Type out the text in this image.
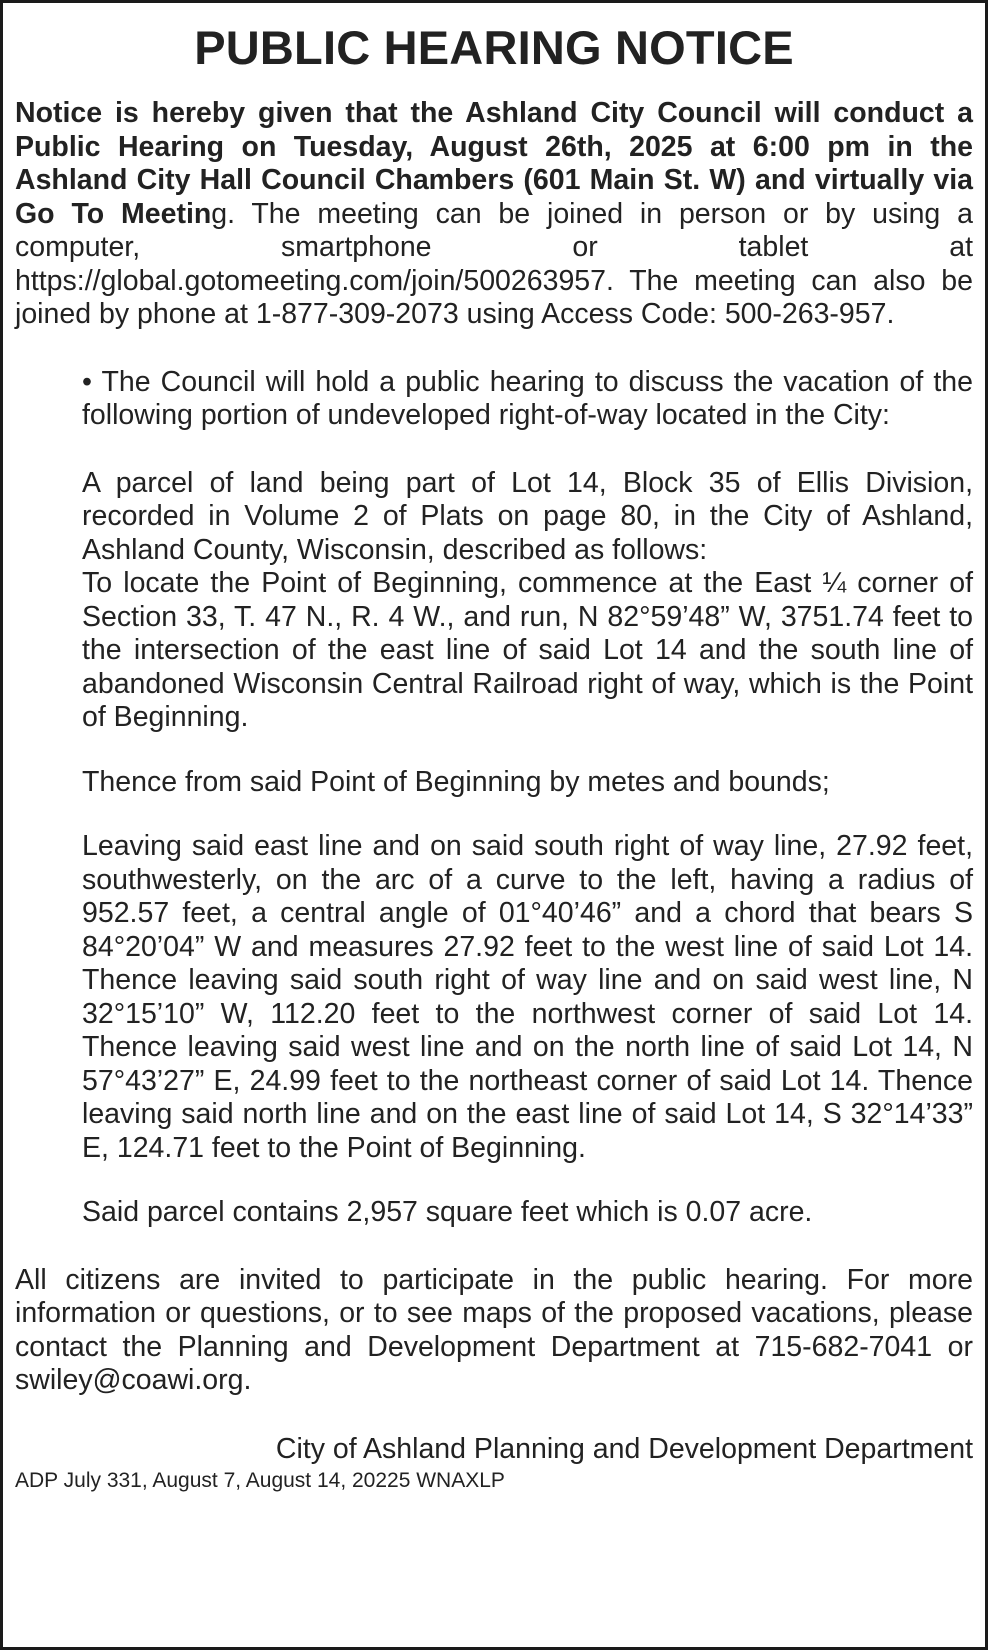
PUBLIC HEARING NOTICE

Notice is hereby given that the Ashland City Council will conduct a Public Hearing on Tuesday, August 26th, 2025 at 6:00 pm in the Ashland City Hall Council Chambers (601 Main St. W) and virtually via Go To Meeting. The meeting can be joined in person or by using a computer, smartphone or tablet at https://global.gotomeeting.com/join/500263957. The meeting can also be joined by phone at 1-877-309-2073 using Access Code: 500-263-957.

• The Council will hold a public hearing to discuss the vacation of the following portion of undeveloped right-of-way located in the City:

A parcel of land being part of Lot 14, Block 35 of Ellis Division, recorded in Volume 2 of Plats on page 80, in the City of Ashland, Ashland County, Wisconsin, described as follows:

To locate the Point of Beginning, commence at the East ¼ corner of Section 33, T. 47 N., R. 4 W., and run, N 82°59’48” W, 3751.74 feet to the intersection of the east line of said Lot 14 and the south line of abandoned Wisconsin Central Railroad right of way, which is the Point of Beginning.

Thence from said Point of Beginning by metes and bounds;

Leaving said east line and on said south right of way line, 27.92 feet, southwesterly, on the arc of a curve to the left, having a radius of 952.57 feet, a central angle of 01°40’46” and a chord that bears S 84°20’04” W and measures 27.92 feet to the west line of said Lot 14. Thence leaving said south right of way line and on said west line, N 32°15’10” W, 112.20 feet to the northwest corner of said Lot 14. Thence leaving said west line and on the north line of said Lot 14, N 57°43’27” E, 24.99 feet to the northeast corner of said Lot 14. Thence leaving said north line and on the east line of said Lot 14, S 32°14’33” E, 124.71 feet to the Point of Beginning.

Said parcel contains 2,957 square feet which is 0.07 acre.

All citizens are invited to participate in the public hearing. For more information or questions, or to see maps of the proposed vacations, please contact the Planning and Development Department at 715-682-7041 or swiley@coawi.org.

City of Ashland Planning and Development Department

ADP July 331, August 7, August 14, 20225 WNAXLP
